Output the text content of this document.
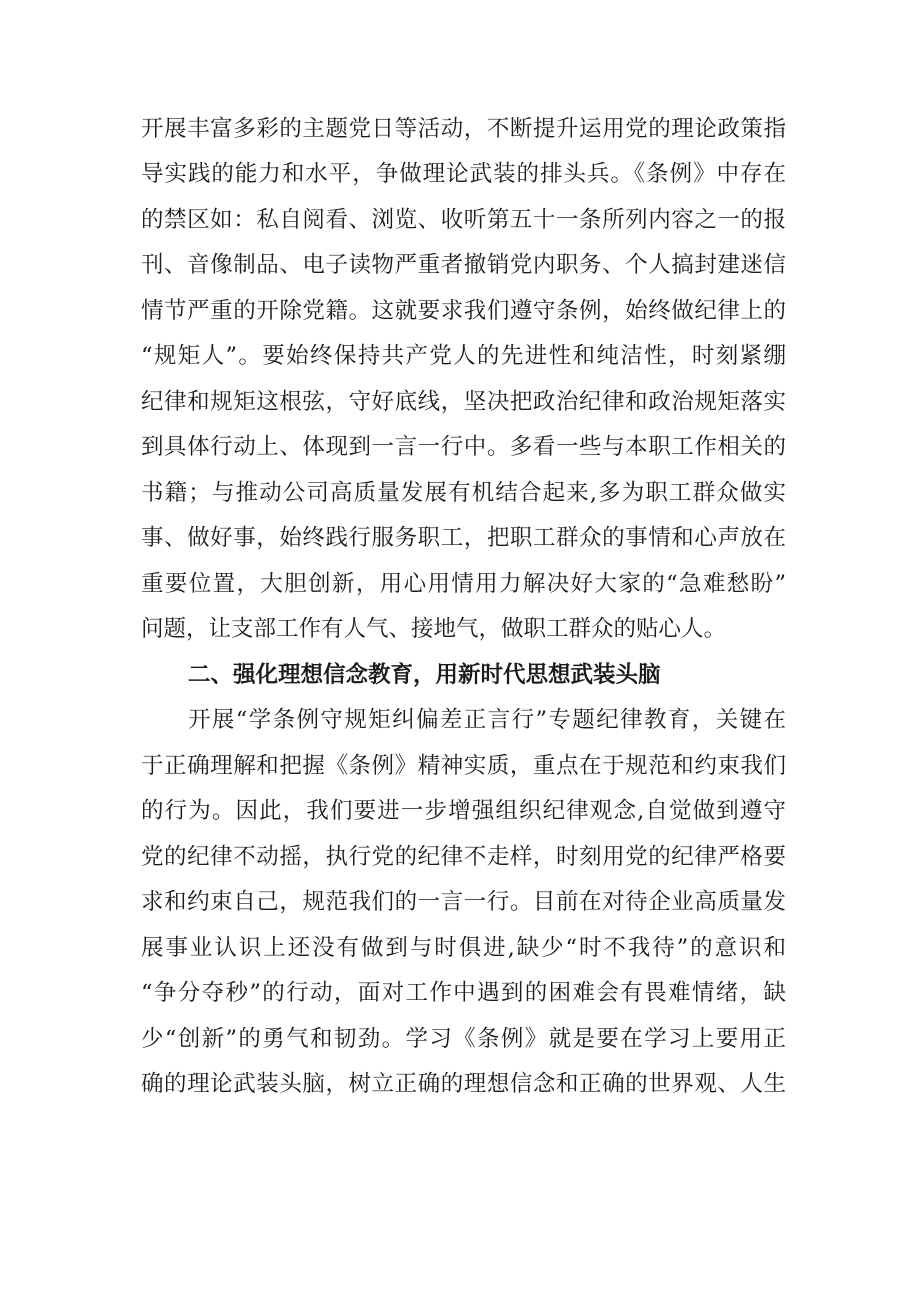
开展丰富多彩的主题党日等活动，不断提升运用党的理论政策指
导实践的能力和水平，争做理论武装的排头兵。《条例》中存在
的禁区如：私自阅看、浏览、收听第五十一条所列内容之一的报
刊、音像制品、电子读物严重者撤销党内职务、个人搞封建迷信
情节严重的开除党籍。这就要求我们遵守条例，始终做纪律上的
“规矩人”。要始终保持共产党人的先进性和纯洁性，时刻紧绷
纪律和规矩这根弦，守好底线，坚决把政治纪律和政治规矩落实
到具体行动上、体现到一言一行中。多看一些与本职工作相关的
书籍；与推动公司高质量发展有机结合起来,多为职工群众做实
事、做好事，始终践行服务职工，把职工群众的事情和心声放在
重要位置，大胆创新，用心用情用力解决好大家的“急难愁盼”
问题，让支部工作有人气、接地气，做职工群众的贴心人。
二、强化理想信念教育，用新时代思想武装头脑
开展“学条例守规矩纠偏差正言行”专题纪律教育，关键在
于正确理解和把握《条例》精神实质，重点在于规范和约束我们
的行为。因此，我们要进一步增强组织纪律观念,自觉做到遵守
党的纪律不动摇，执行党的纪律不走样，时刻用党的纪律严格要
求和约束自己，规范我们的一言一行。目前在对待企业高质量发
展事业认识上还没有做到与时俱进,缺少“时不我待”的意识和
“争分夺秒”的行动，面对工作中遇到的困难会有畏难情绪，缺
少“创新”的勇气和韧劲。学习《条例》就是要在学习上要用正
确的理论武装头脑，树立正确的理想信念和正确的世界观、人生
